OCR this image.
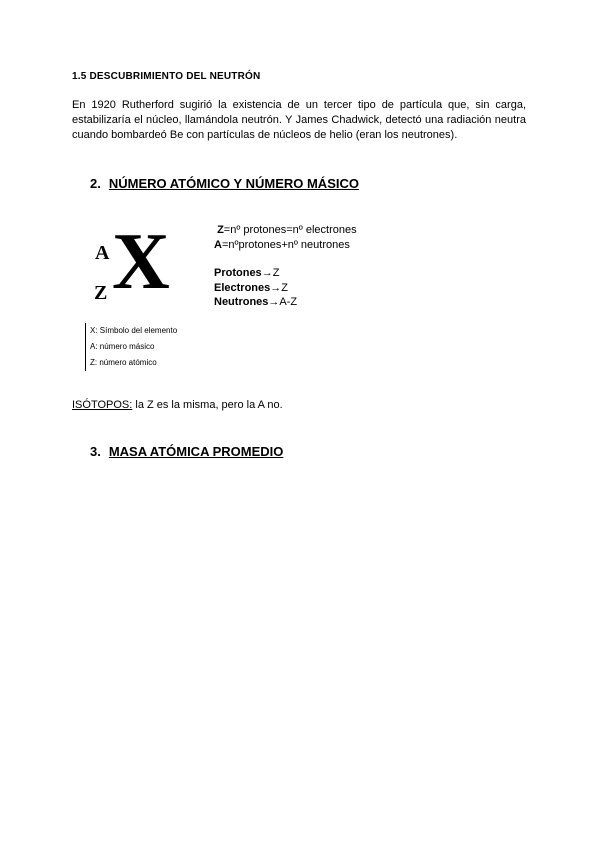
1.5 DESCUBRIMIENTO DEL NEUTRÓN
En 1920 Rutherford sugirió la existencia de un tercer tipo de partícula que, sin carga,
estabilizaría el núcleo, llamándola neutrón. Y James Chadwick, detectó una radiación neutra
cuando bombardeó Be con partículas de núcleos de helio (eran los neutrones).
2. NÚMERO ATÓMICO Y NÚMERO MÁSICO
A
Z X
X: Símbolo del elemento
A: número másico
Z: número atómico
Z=nº protones=nº electrones
A=nºprotones+nº neutrones
Protones→Z
Electrones→Z
Neutrones→A-Z
ISÓTOPOS: la Z es la misma, pero la A no.
3. MASA ATÓMICA PROMEDIO
